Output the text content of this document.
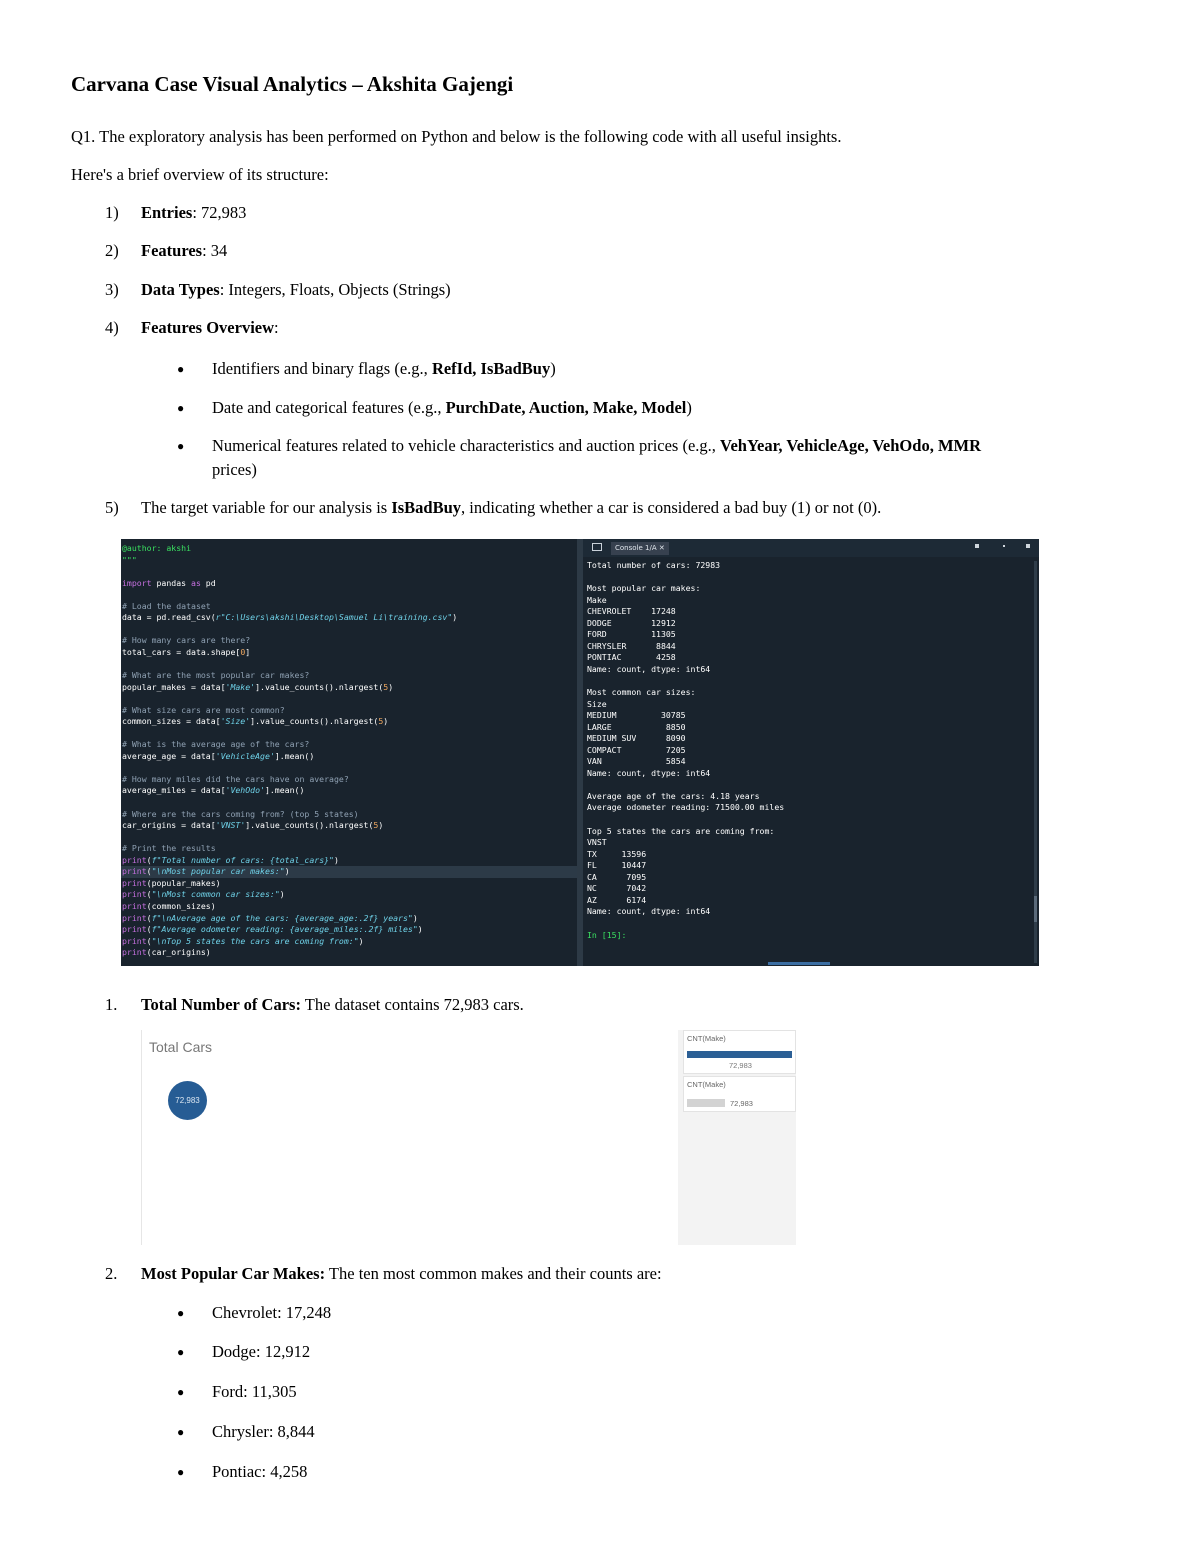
Carvana Case Visual Analytics – Akshita Gajengi
Q1. The exploratory analysis has been performed on Python and below is the following code with all useful insights.
Here's a brief overview of its structure:
1) Entries: 72,983
2) Features: 34
3) Data Types: Integers, Floats, Objects (Strings)
4) Features Overview:
● Identifiers and binary flags (e.g., RefId, IsBadBuy)
● Date and categorical features (e.g., PurchDate, Auction, Make, Model)
● Numerical features related to vehicle characteristics and auction prices (e.g., VehYear, VehicleAge, VehOdo, MMR
prices)
5) The target variable for our analysis is IsBadBuy, indicating whether a car is considered a bad buy (1) or not (0).
@author: akshi
"""

import pandas as pd

# Load the dataset
data = pd.read_csv(r"C:\Users\akshi\Desktop\Samuel Li\training.csv")

# How many cars are there?
total_cars = data.shape[0]

# What are the most popular car makes?
popular_makes = data['Make'].value_counts().nlargest(5)

# What size cars are most common?
common_sizes = data['Size'].value_counts().nlargest(5)

# What is the average age of the cars?
average_age = data['VehicleAge'].mean()

# How many miles did the cars have on average?
average_miles = data['VehOdo'].mean()

# Where are the cars coming from? (top 5 states)
car_origins = data['VNST'].value_counts().nlargest(5)

# Print the results
print(f"Total number of cars: {total_cars}")
print("\nMost popular car makes:")
print(popular_makes)
print("\nMost common car sizes:")
print(common_sizes)
print(f"\nAverage age of the cars: {average_age:.2f} years")
print(f"Average odometer reading: {average_miles:.2f} miles")
print("\nTop 5 states the cars are coming from:")
print(car_origins)
Console 1/A ✕
Total number of cars: 72983

Most popular car makes:
Make
CHEVROLET    17248
DODGE        12912
FORD         11305
CHRYSLER      8844
PONTIAC       4258
Name: count, dtype: int64

Most common car sizes:
Size
MEDIUM         30785
LARGE           8850
MEDIUM SUV      8090
COMPACT         7205
VAN             5854
Name: count, dtype: int64

Average age of the cars: 4.18 years
Average odometer reading: 71500.00 miles

Top 5 states the cars are coming from:
VNST
TX     13596
FL     10447
CA      7095
NC      7042
AZ      6174
Name: count, dtype: int64

In [15]:
1. Total Number of Cars: The dataset contains 72,983 cars.
Total Cars
72,983
CNT(Make)
72,983
CNT(Make)
72,983
2. Most Popular Car Makes: The ten most common makes and their counts are:
● Chevrolet: 17,248
● Dodge: 12,912
● Ford: 11,305
● Chrysler: 8,844
● Pontiac: 4,258
